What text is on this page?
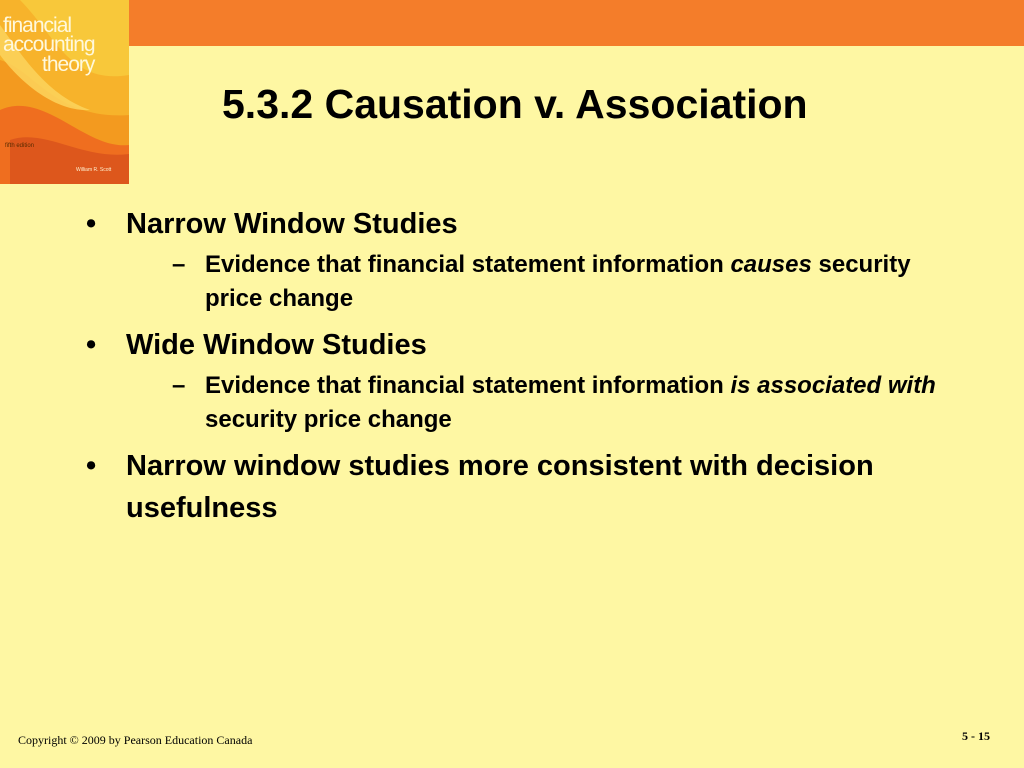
financial
accounting
theory
fifth edition
William R. Scott
5.3.2 Causation v. Association
• Narrow Window Studies
– Evidence that financial statement information causes security price change
• Wide Window Studies
– Evidence that financial statement information is associated with security price change
• Narrow window studies more consistent with decision usefulness
Copyright © 2009 by Pearson Education Canada	5 - 15
